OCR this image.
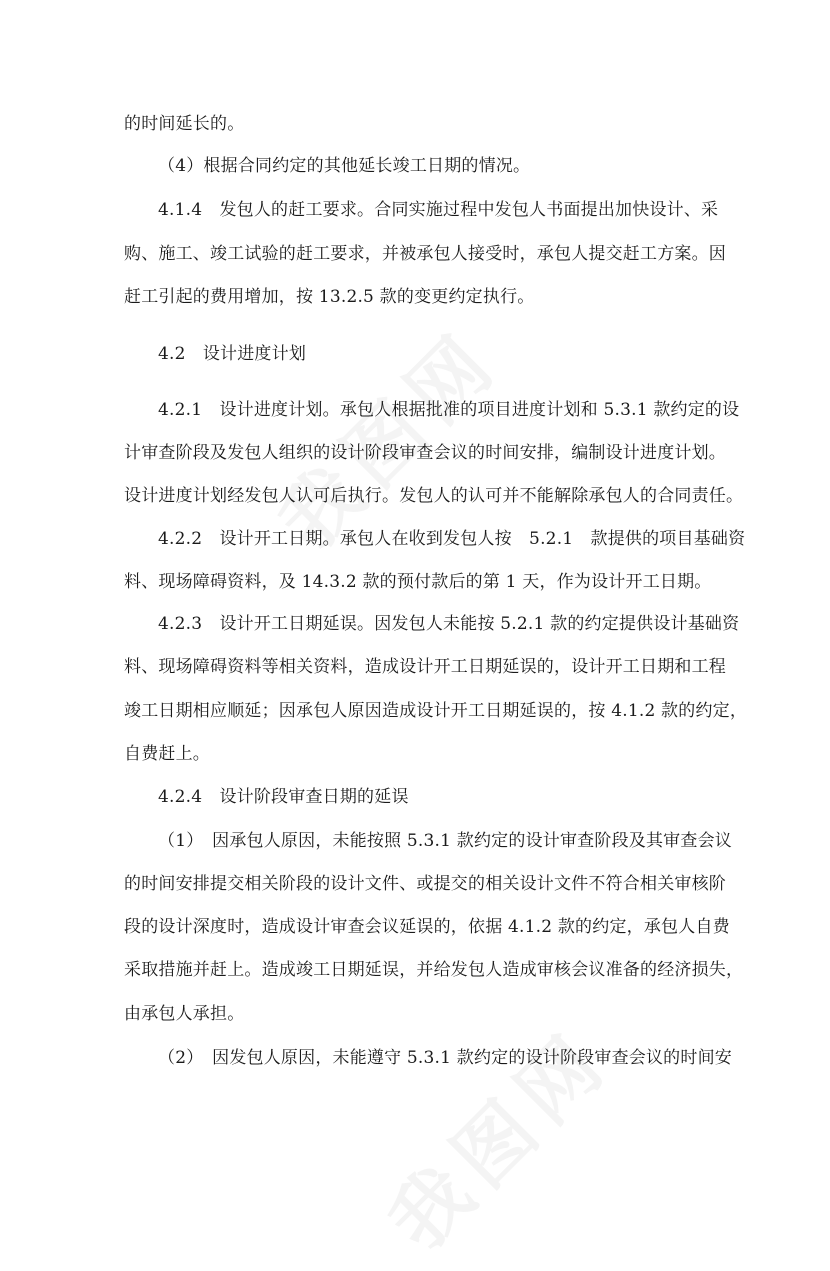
的时间延长的。
（4）根据合同约定的其他延长竣工日期的情况。
4.1.4　发包人的赶工要求。合同实施过程中发包人书面提出加快设计、采
购、施工、竣工试验的赶工要求，并被承包人接受时，承包人提交赶工方案。因
赶工引起的费用增加，按 13.2.5 款的变更约定执行。
4.2　设计进度计划
4.2.1　设计进度计划。承包人根据批准的项目进度计划和 5.3.1 款约定的设
计审查阶段及发包人组织的设计阶段审查会议的时间安排，编制设计进度计划。
设计进度计划经发包人认可后执行。发包人的认可并不能解除承包人的合同责任。
4.2.2　设计开工日期。承包人在收到发包人按　5.2.1　款提供的项目基础资
料、现场障碍资料，及 14.3.2 款的预付款后的第 1 天，作为设计开工日期。
4.2.3　设计开工日期延误。因发包人未能按 5.2.1 款的约定提供设计基础资
料、现场障碍资料等相关资料，造成设计开工日期延误的，设计开工日期和工程
竣工日期相应顺延；因承包人原因造成设计开工日期延误的，按 4.1.2 款的约定，
自费赶上。
4.2.4　设计阶段审查日期的延误
（1）　因承包人原因，未能按照 5.3.1 款约定的设计审查阶段及其审查会议
的时间安排提交相关阶段的设计文件、或提交的相关设计文件不符合相关审核阶
段的设计深度时，造成设计审查会议延误的，依据 4.1.2 款的约定，承包人自费
采取措施并赶上。造成竣工日期延误，并给发包人造成审核会议准备的经济损失，
由承包人承担。
（2）　因发包人原因，未能遵守 5.3.1 款约定的设计阶段审查会议的时间安
